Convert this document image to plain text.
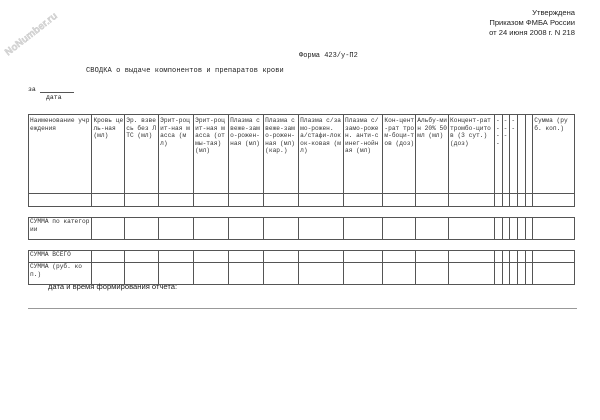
NoNumber.ru	Утверждена
Приказом ФМБА России
от 24 июня 2008 г. N 218
Форма 423/у-П2
СВОДКА о выдаче компонентов и препаратов крови
за
дата
Наименование учреждения	Кровь цель-ная (мл)	Эр. взвесь без ЛТС (мл)	Эрит-роцит-ная масса (мл)	Эрит-роцит-ная масса (отмы-тая) (мл)	Плазма свеже-замо-рожен-ная (мл)	Плазма свеже-замо-рожен-ная (мл) (кар.)	Плазма с/замо-рожен. а/стафи-локок-ковая (мл)	Плазма с/замо-рожен. анти-синег-нойная (мл)	Кон-цент-рат тром-боци-тов (доз)	Альбу-мин 20% 50 мл (мл)	Концент-рат тромбо-цитов (3 сут.) (доз)	- - - -	- - -	- -			Сумма (руб. коп.)

СУММА по категории																	

СУММА ВСЕГО																	
СУММА (руб. коп.)																	
дата и время формирования отчета:
